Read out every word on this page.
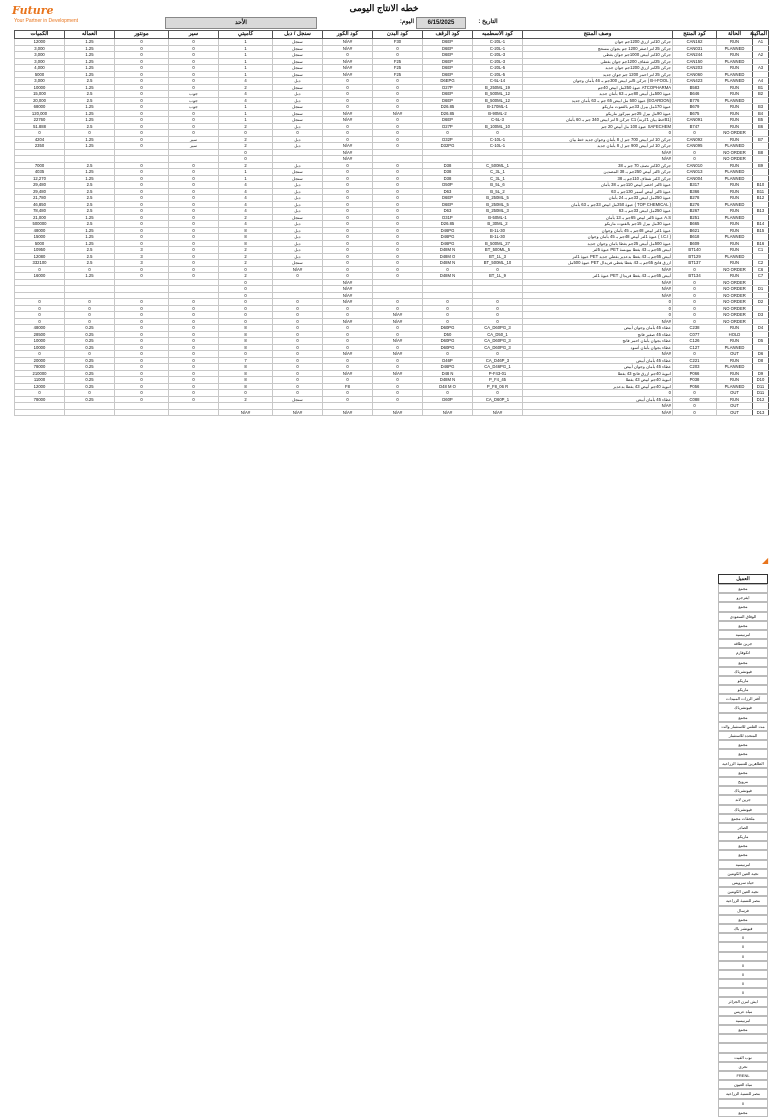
Future
Your Partner in Development
خطه الانتاج اليومى
: التاريخ
6/15/2025
:اليوم
الأحد
الماكينة	الحالة	كود المنتج	وصف المنتج	كود الاسطمبه	كود الرقف	كود البدن	كود الكور	سنجل / دبل	كاميتي	سير	مونتور	العماله	الكميات
A1	RUN	CAN162	جركن 10لتر ازرق 1200جم جوان	C-20L-1	D6EP	F30	#N/A	سنجل	1	0	0	1.25	12000
	PLANNED	CAN031	جركن 25 لتر اصفر 1200 جم بجوان مسحج	C-20L-1	D6EP	0	#N/A	سنجل	1	0	0	1.25	3,000
A2	RUN	CAN244	جركن 10لتر أبيض 1000جم جوان بغطى	C-20L-3	D6EP	0	0	سنجل	1	0	0	1.25	3,000
	PLANNED	CAN150	جركن 25لتر شفاف 1200جم جوان بغطى	C-20L-3	D6EP	F25	#N/A	سنجل	1	0	0	1.25	3,000
A3	RUN	CAN203	جركن 25لتر ازرق 1200جم جوان جديد	C-20L-5	D6EP	F25	#N/A	سنجل	1	0	0	1.25	4,000
	PLANNED	CAN060	جركن 25 لتر احمر 1200 جم جوان جديد	C-20L-5	D6EP	F25	#N/A	سنجل	1	0	0	1.25	5000
A4	PLANNED	CAN423	( B-I-FOOL ) جركن 5لتر ابيض 300جم بـ 46 بأمان وجوان	C-5L-14	D6EPG	0	0	دبل	4	0	0	2.5	3,000
B1	RUN	B583	ATCOPHARMA عبوة 250مل ابيض 40جم	B_250ML_19	D27P	0	0	سنجل	2	0	0	1.25	10000
B2	RUN	B646	عبوة 500مل أبيض 80جم بـ 63 بأمان جديد	B_500ML_12	D6EP	0	0	دبل	4	جوب	0	2.5	15,000
	PLANNED	B776	(EGARDON) عبوة 500 مل ابيض 65 جم بـ 63 بأمان جديد	B_500ML_12	D6EP	0	0	دبل	4	جوب	0	2.5	20,000
B3	RUN	B679	عبوة 170مل بيرل 33جم بالفتوت ماريكو	B-170ML-1	D26.85	0	0	سنجل	1	جوب	0	1.25	68000
B4	RUN	B675	عبوة 90مل بيرل 25جم ميركوز ماريكو	B-90ML-2	D26.85	#N/A	#N/A	سنجل	1	0	0	1.25	120,000
B5	RUN	CAN091	(B1خط بيان 1كرنه) C1 جركن 5 لتر ابيض 340 جم بـ 60 بأمان	C-5L-3	D6EP	0	#N/A	سنجل	1	0	0	1.25	22760
B6	RUN	B747	SAFECHEM عبوة 100 مل أبيض 20 جم	B_100ML_10	D27P	0	0	دبل	2	0	0	2.5	51.888
	NO ORDER	0	0	0	0	0	0	0	0	0	0	0	0
B7	RUN	CAN092	جركن 10 لتر ابيض 700 جم ل 8 بأمان وجوان جديد خط بيان	C-10L-1	D32P	0	0	دبل	2	سير	0	1.25	4204
	PLANNED	CAN095	جركن 10 لتر أبيض 900 جم ل 8 بأمان جديد	C-10L-1	D32PG	0	#N/A	دبل	2	سير	0	1.25	2350
B8	NO ORDER	0	#N/A				#N/A		0				
	NO ORDER	0	#N/A				#N/A		0				
B9	RUN	CAN010	جركن 10لتر نصف 70 جم بـ 38	C_500ML_1	D38	0	0	دبل	2	0	0	2.5	7000
	PLANNED	CAN013	جركن 5لتر أبيض 250جم بـ 38 المصدين	C_3L_1	D38	0	0	سنجل	1	0	0	1.25	4035
	PLANNED	CAN004	جركن 3لتر شفاف 110جم بـ 38	C_3L_1	D38	0	0	سنجل	1	0	0	1.25	12,270
B10	RUN	B317	عبوة 5لتر اخضر أبيض 110جم بـ 38 بأمان	B_5L_6	D50P	0	0	دبل	4	0	0	2.5	29,480
B11	RUN	B366	عبوة 5لتر أبيض أسمر 130جم بـ 63	B_5L_2	D63	0	0	دبل	4	0	0	2.5	29,480
B12	RUN	B278	عبوة 250مل ابيض 33جم بـ 24 بأمان	B_250ML_5	D6EP	0	0	دبل	4	0	0	2.5	21,780
	PLANNED	B276	( TOP CHEMICAL ) عبوة 250مل ابيض 33جم بـ 63 بأمان	B_250ML_5	D6EP	0	0	دبل	4	0	0	2.5	46,850
B13	RUN	B267	عبوة 250مل ابيض 33جم بـ 63	B_250ML_3	D63	0	0	دبل	4	0	0	2.5	78,480
	PLANNED	B251	A.S عبوة 5لتر ابيض 65جم بـ 13 بأمان	B-50ML-1	D31P	0	0	سنجل	2	0	0	1.25	21,000
B14	RUN	B665	عبوة 30مل بيرل 15جم بالفتوت ماريكو	B_30ML_2	D26.85	0	0	دبل	4	0	0	2.5	500000
B15	RUN	B621	عبوة 1لتر ابيض 48جم بـ 45 بأمان وجوان	B-1L-30	D46PG	0	0	دبل	8	0	0	1.25	48000
	PLANNED	B618	( I.C.I ) عبوة 1لتر أبيض 48جم بـ 45 بأمان وجوان	B-1L-30	D46PG	0	0	دبل	8	0	0	1.25	15000
B16	RUN	B609	عبوة 500مل أبيض 25جم بغطا بامان وجوان جديد	B_500ML_27	D46PG	0	0	دبل	8	0	0	1.25	5000
C1	RUN	BT140	ابيض 65جم بـ 43 بغطا ببوبسة PET عبوة 5لتر	BT_500ML_5	D48M N	0	0	دبل	2	0	3	2.5	10950
	PLANNED	BT129	أبيض 65جم بـ 43 بغطا بدعدير بغطي جديد PET عبوة 1لتر	BT_1L_3	D48M O	0	0	دبل	2	0	3	2.5	12080
C2	RUN	BT137	ازرق فاتح 65جم بـ 43 بغطا بغطي فريدال PET عبوة 500مل	BT_500ML_10	D48M N	0	0	سنجل	2	0	3	2.5	332100
C6	NO ORDER	0	#N/A	0	0	0	0	#N/A	0	0	0	0	0
C7	RUN	BT134	أبيض 65جم بـ 43 بغطا فريدال PET عبوة 1لتر	BT_1L_9	D48M N	0	0	0	2	0	0	1.25	16000
	NO ORDER	0	#N/A				#N/A		0				
D1	NO ORDER	0	#N/A				#N/A		0				
	NO ORDER	0	#N/A				#N/A		0				
D2	NO ORDER	0	0	0	0	0	#N/A	0	0	0	0	0	0
	NO ORDER	0	0	0	0	0	0	0	0	0	0	0	0
D3	NO ORDER	0	0	0	0	#N/A	0	0	0	0	0	0	0
	NO ORDER	0	#N/A	0	0	#N/A	#N/A	0	0	0	0	0	0
D4	RUN	C238	غطاء 45 بأمان وجوان أبيض	CA_D60PG_3	D60PG	0	0	0	8	0	0	0.25	48000
	HOLD	C077	غطاء 45 صغير فاتح	CA_D50_1	D50	0	0	0	8	0	0	0.25	28500
D5	RUN	C126	غطاء بجوان بأمان احمر فاتح	CA_D60PG_3	D60PG	#N/A	0	0	8	0	0	0.25	10000
	PLANNED	C127	غطاء بجوان بأمان أسود	CA_D60PG_3	D60PG	0	0	0	8	0	0	0.25	10000
D6	OUT	0	#N/A	0	0	#N/A	#N/A	0	0	0	0	0	0
D8	RUN	C221	غطاء 45 بأمان أبيض	CA_D46P_3	D46P	0	0	0	7	0	0	0.25	20000
	PLANNED	C203	غطاء 45 بأمان وجوان أبيض	CA_D46PG_1	D46PG	0	0	0	8	0	0	0.25	78000
D9	RUN	P066	انبوبة 40جم ازرق فاتح 43 بغطا	P-F43-01	D48 N	#N/A	#N/A	0	8	0	0	0.25	210000
D10	RUN	P038	انبوبة 40جم ابيض 43 بغطا	P_F4_45	D48M N	0	0	0	8	0	0	0.25	11000
D11	PLANNED	P056	انبوبة 40جم أبيض 43 بغطا بدعدير	P_F8_06 R	D48 M O	0	F8	0	8	0	0	0.25	12000
D11	OUT	0	0	0	0	0	0	0	0	0	0	0	0
D12	RUN	C088	غطاء 45 بأمان أبيض	CA_D60P_1	D60P	0	0	سنجل	2	0	0	0.25	78000
	OUT	0	#N/A										
D13	OUT	0	#N/A	#N/A	#N/A	#N/A	#N/A	#N/A	#N/A				
◢
العميل
مجمع
ايفرجرو
مجمع
الوفاق السعودى
مجمع
امرنيسيه
جرين طاقه
اتكوفارم
مجمع
فيوتشرباك
ماريكو
ماريكو
آفتر الرزات المبيدات
فيوتشرباك
مجمع
مت الفلس للاستثمار والت
المتحده للاستثمار
مجمع
مجمع
الطاهرين للتنمية الزراعيه
مجمع
مرويح
فيوتشرباك
جرين لاند
فيوتشرباك
ملحقات مجمع
الصادر
ماريكو
مجمع
مجمع
امرنيسيه
نجيه العين الكونتين
حياه سرويس
نجيه العين الكونتين
مصر للتنمية الزراعيه
فرسال
مجمع
فيوتشر باك
0
0
0
0
0
0
0
ايش امرن الجزائر
مياه عريس
امرنيسيه
مجمع
نوب الفيت
نحرى
FRENL
مياه العيون
مصر للتنمية الزراعيه
0
مجمع
